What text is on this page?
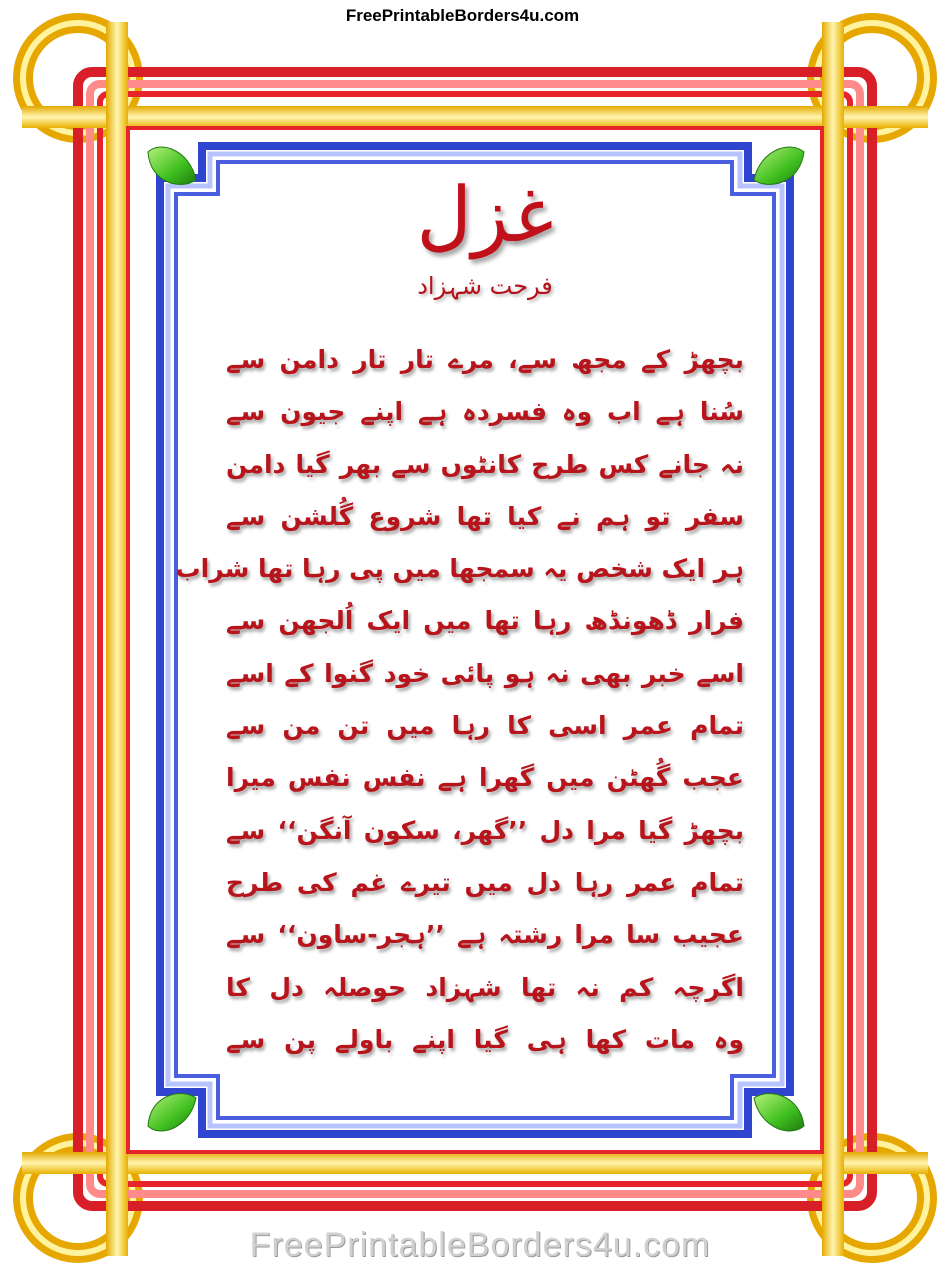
FreePrintableBorders4u.com
غزل
فرحت شہزاد
بچھڑ کے مجھ سے، مرے تار تار دامن سے
سُنا ہے اب وہ فسردہ ہے اپنے جیون سے
نہ جانے کس طرح کانٹوں سے بھر گیا دامن
سفر تو ہم نے کیا تھا شروع گُلشن سے
ہر ایک شخص یہ سمجھا میں پی رہا تھا شراب
فرار ڈھونڈھ رہا تھا میں ایک اُلجھن سے
اسے خبر بھی نہ ہو پائی خود گنوا کے اسے
تمام عمر اسی کا رہا میں تن من سے
عجب گُھٹن میں گھرا ہے نفس نفس میرا
بچھڑ گیا مرا دل ’’گھر، سکون آنگن‘‘ سے
تمام عمر رہا دل میں تیرے غم کی طرح
عجیب سا مرا رشتہ ہے ’’ہجر-ساون‘‘ سے
اگرچہ کم نہ تھا شہزاد حوصلہ دل کا
وہ مات کھا ہی گیا اپنے باولے پن سے
FreePrintableBorders4u.com
